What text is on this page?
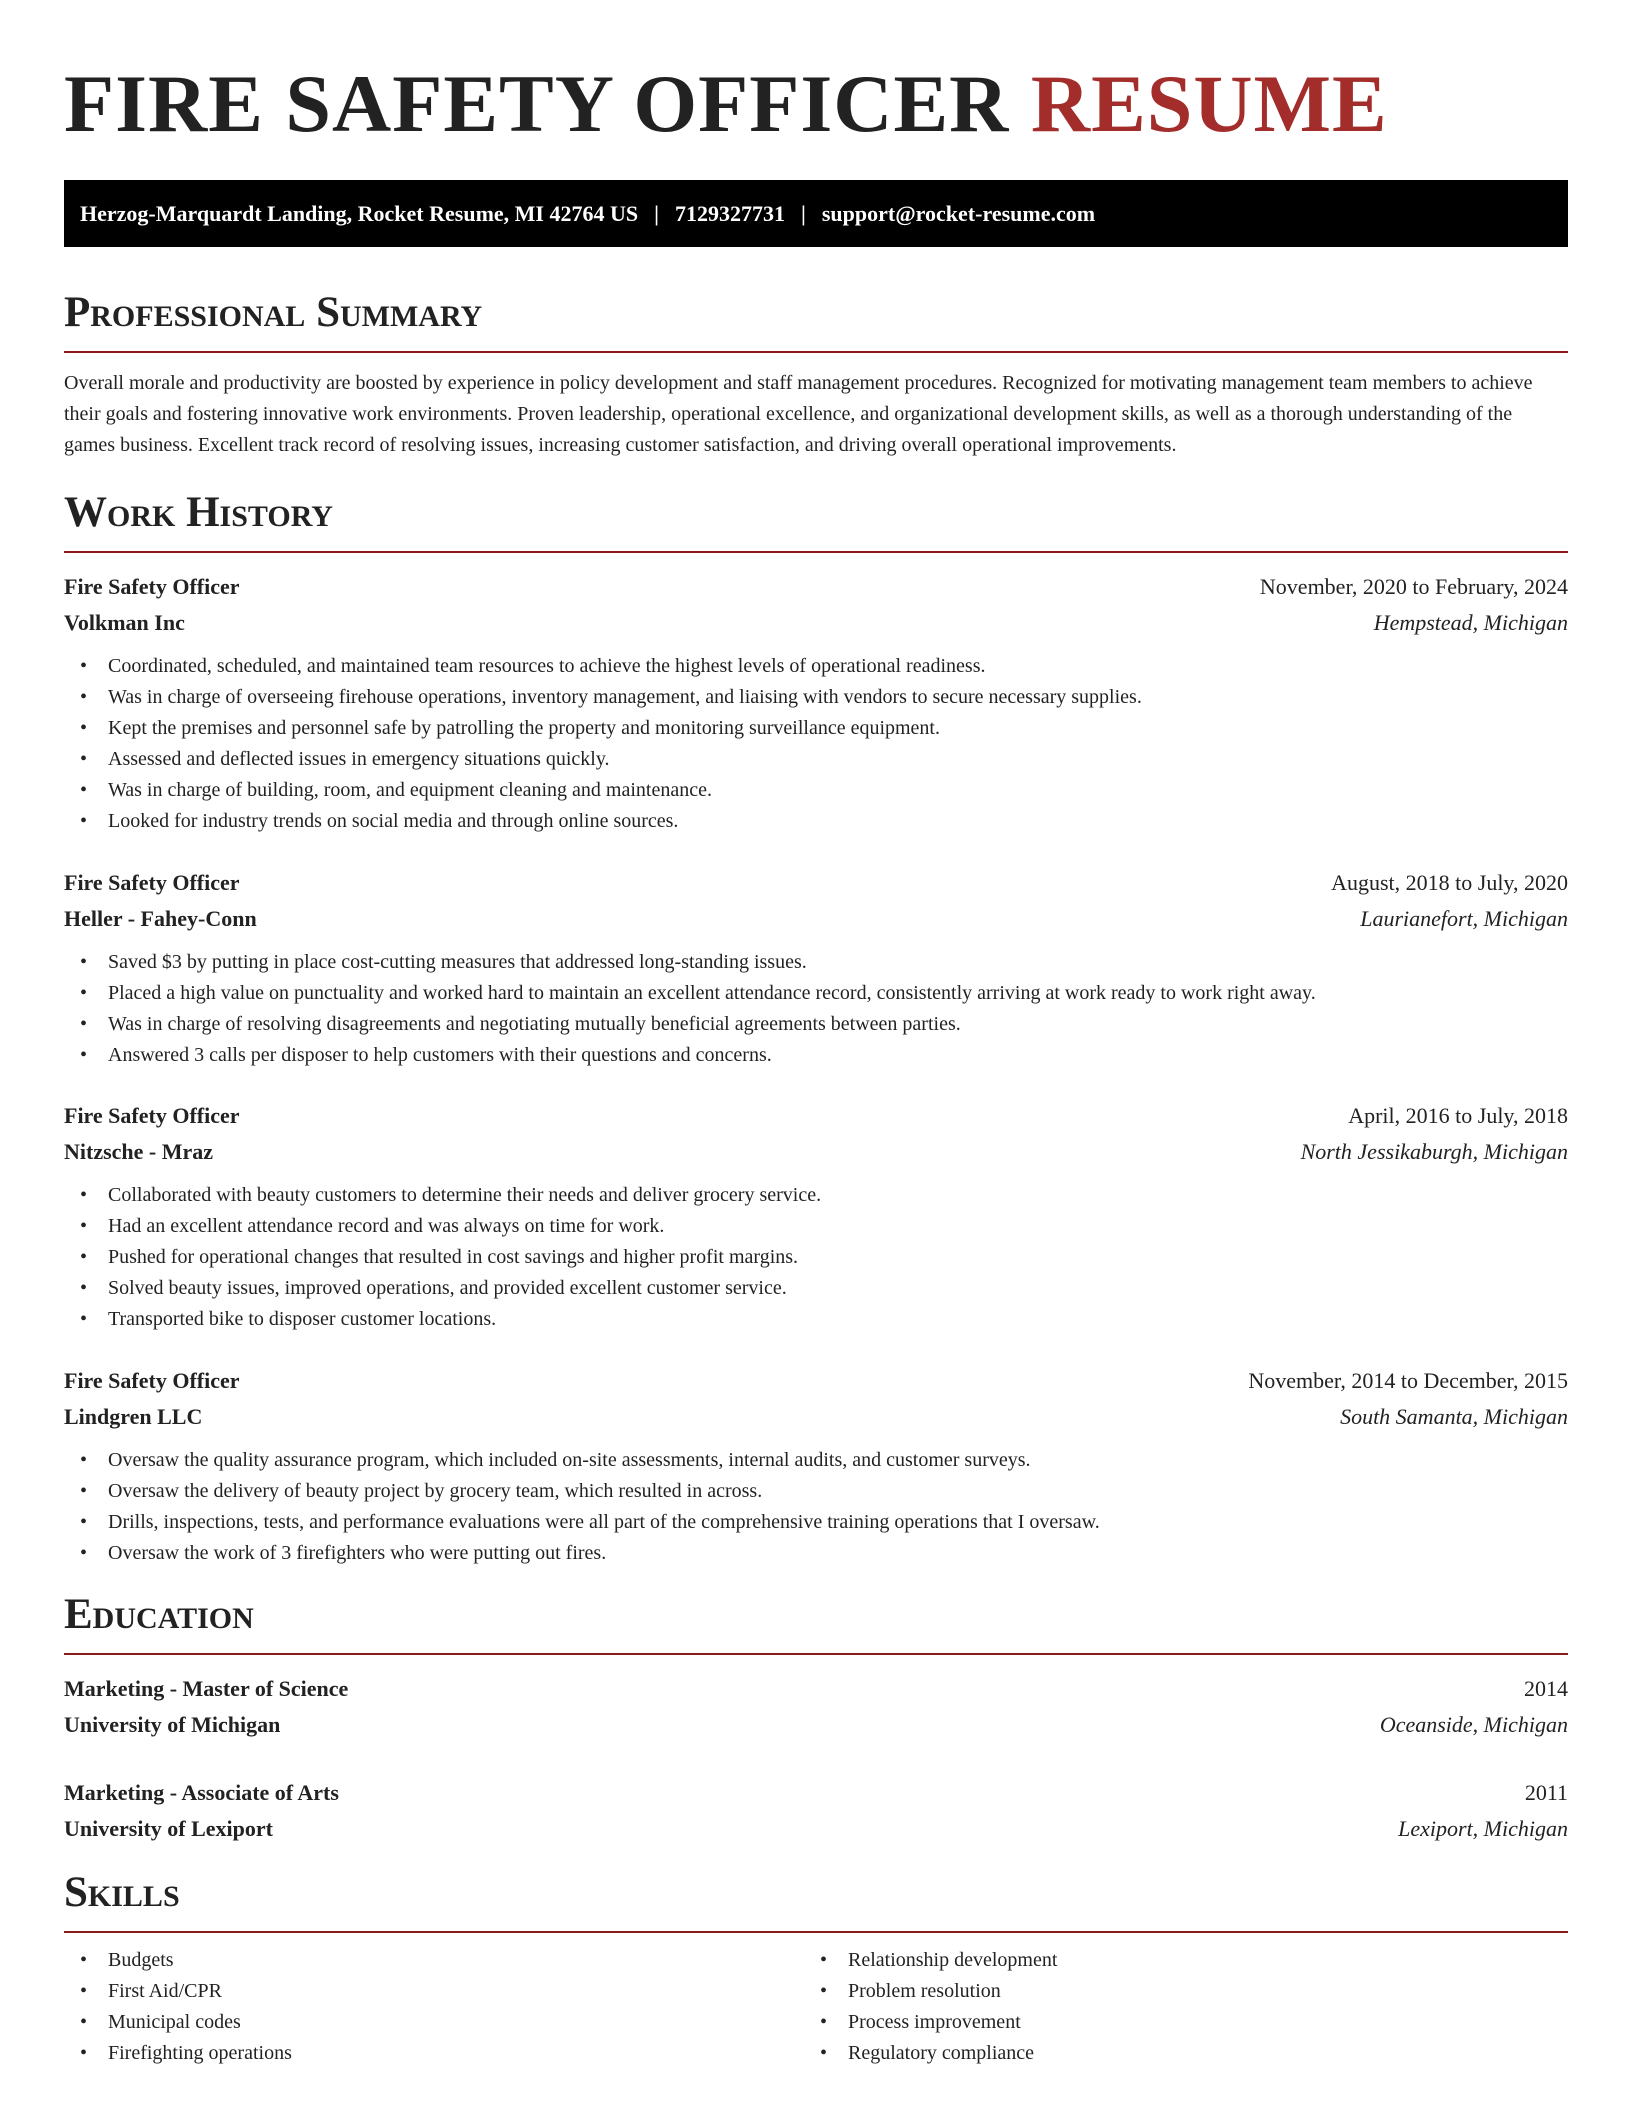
FIRE SAFETY OFFICER RESUME
Herzog-Marquardt Landing, Rocket Resume, MI 42764 US | 7129327731 | support@rocket-resume.com
Professional Summary

Overall morale and productivity are boosted by experience in policy development and staff management procedures. Recognized for motivating management team members to achieve their goals and fostering innovative work environments. Proven leadership, operational excellence, and organizational development skills, as well as a thorough understanding of the games business. Excellent track record of resolving issues, increasing customer satisfaction, and driving overall operational improvements.

Work History
Fire Safety Officer	November, 2020 to February, 2024
Volkman Inc	Hempstead, Michigan
• Coordinated, scheduled, and maintained team resources to achieve the highest levels of operational readiness.
• Was in charge of overseeing firehouse operations, inventory management, and liaising with vendors to secure necessary supplies.
• Kept the premises and personnel safe by patrolling the property and monitoring surveillance equipment.
• Assessed and deflected issues in emergency situations quickly.
• Was in charge of building, room, and equipment cleaning and maintenance.
• Looked for industry trends on social media and through online sources.
Fire Safety Officer	August, 2018 to July, 2020
Heller - Fahey-Conn	Laurianefort, Michigan
• Saved $3 by putting in place cost-cutting measures that addressed long-standing issues.
• Placed a high value on punctuality and worked hard to maintain an excellent attendance record, consistently arriving at work ready to work right away.
• Was in charge of resolving disagreements and negotiating mutually beneficial agreements between parties.
• Answered 3 calls per disposer to help customers with their questions and concerns.
Fire Safety Officer	April, 2016 to July, 2018
Nitzsche - Mraz	North Jessikaburgh, Michigan
• Collaborated with beauty customers to determine their needs and deliver grocery service.
• Had an excellent attendance record and was always on time for work.
• Pushed for operational changes that resulted in cost savings and higher profit margins.
• Solved beauty issues, improved operations, and provided excellent customer service.
• Transported bike to disposer customer locations.
Fire Safety Officer	November, 2014 to December, 2015
Lindgren LLC	South Samanta, Michigan
• Oversaw the quality assurance program, which included on-site assessments, internal audits, and customer surveys.
• Oversaw the delivery of beauty project by grocery team, which resulted in across.
• Drills, inspections, tests, and performance evaluations were all part of the comprehensive training operations that I oversaw.
• Oversaw the work of 3 firefighters who were putting out fires.
Education
Marketing - Master of Science	2014
University of Michigan	Oceanside, Michigan
Marketing - Associate of Arts	2011
University of Lexiport	Lexiport, Michigan
Skills
• Budgets
• First Aid/CPR
• Municipal codes
• Firefighting operations
• Relationship development
• Problem resolution
• Process improvement
• Regulatory compliance
